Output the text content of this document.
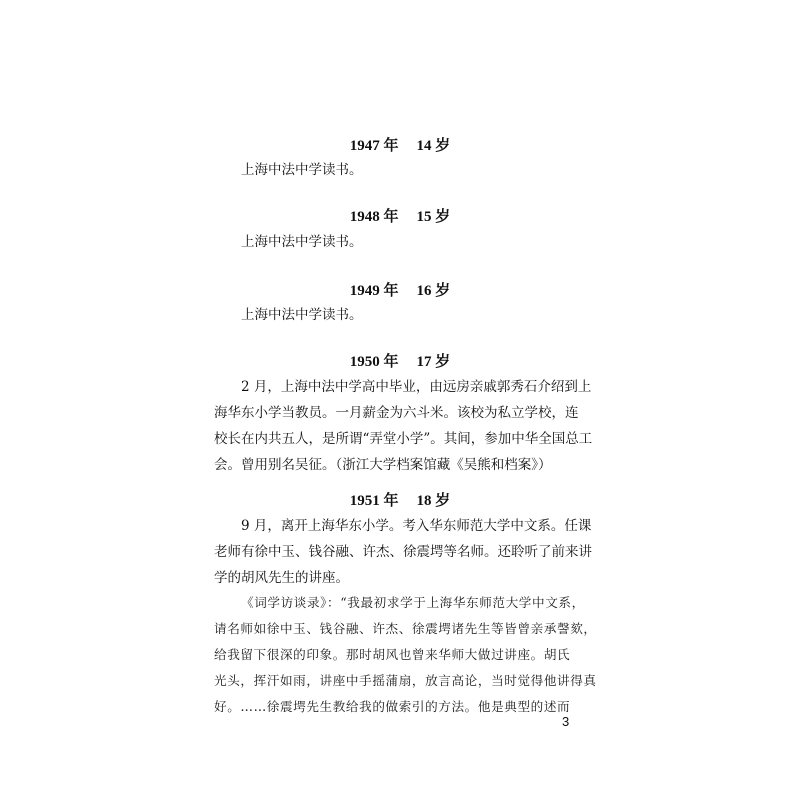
1947 年 14 岁
上海中法中学读书。
1948 年 15 岁
上海中法中学读书。
1949 年 16 岁
上海中法中学读书。
1950 年 17 岁
2 月，上海中法中学高中毕业，由远房亲戚郭秀石介绍到上
海华东小学当教员。一月薪金为六斗米。该校为私立学校，连
校长在内共五人，是所谓“弄堂小学”。其间，参加中华全国总工
会。曾用别名吴征。（浙江大学档案馆藏《吴熊和档案》）
1951 年 18 岁
9 月，离开上海华东小学。考入华东师范大学中文系。任课
老师有徐中玉、钱谷融、许杰、徐震堮等名师。还聆听了前来讲
学的胡风先生的讲座。
《词学访谈录》：“我最初求学于上海华东师范大学中文系，
请名师如徐中玉、钱谷融、许杰、徐震堮诸先生等皆曾亲承謦欬，
给我留下很深的印象。那时胡风也曾来华师大做过讲座。胡氏
光头，挥汗如雨，讲座中手摇蒲扇，放言高论，当时觉得他讲得真
好。……徐震堮先生教给我的做索引的方法。他是典型的述而
3
